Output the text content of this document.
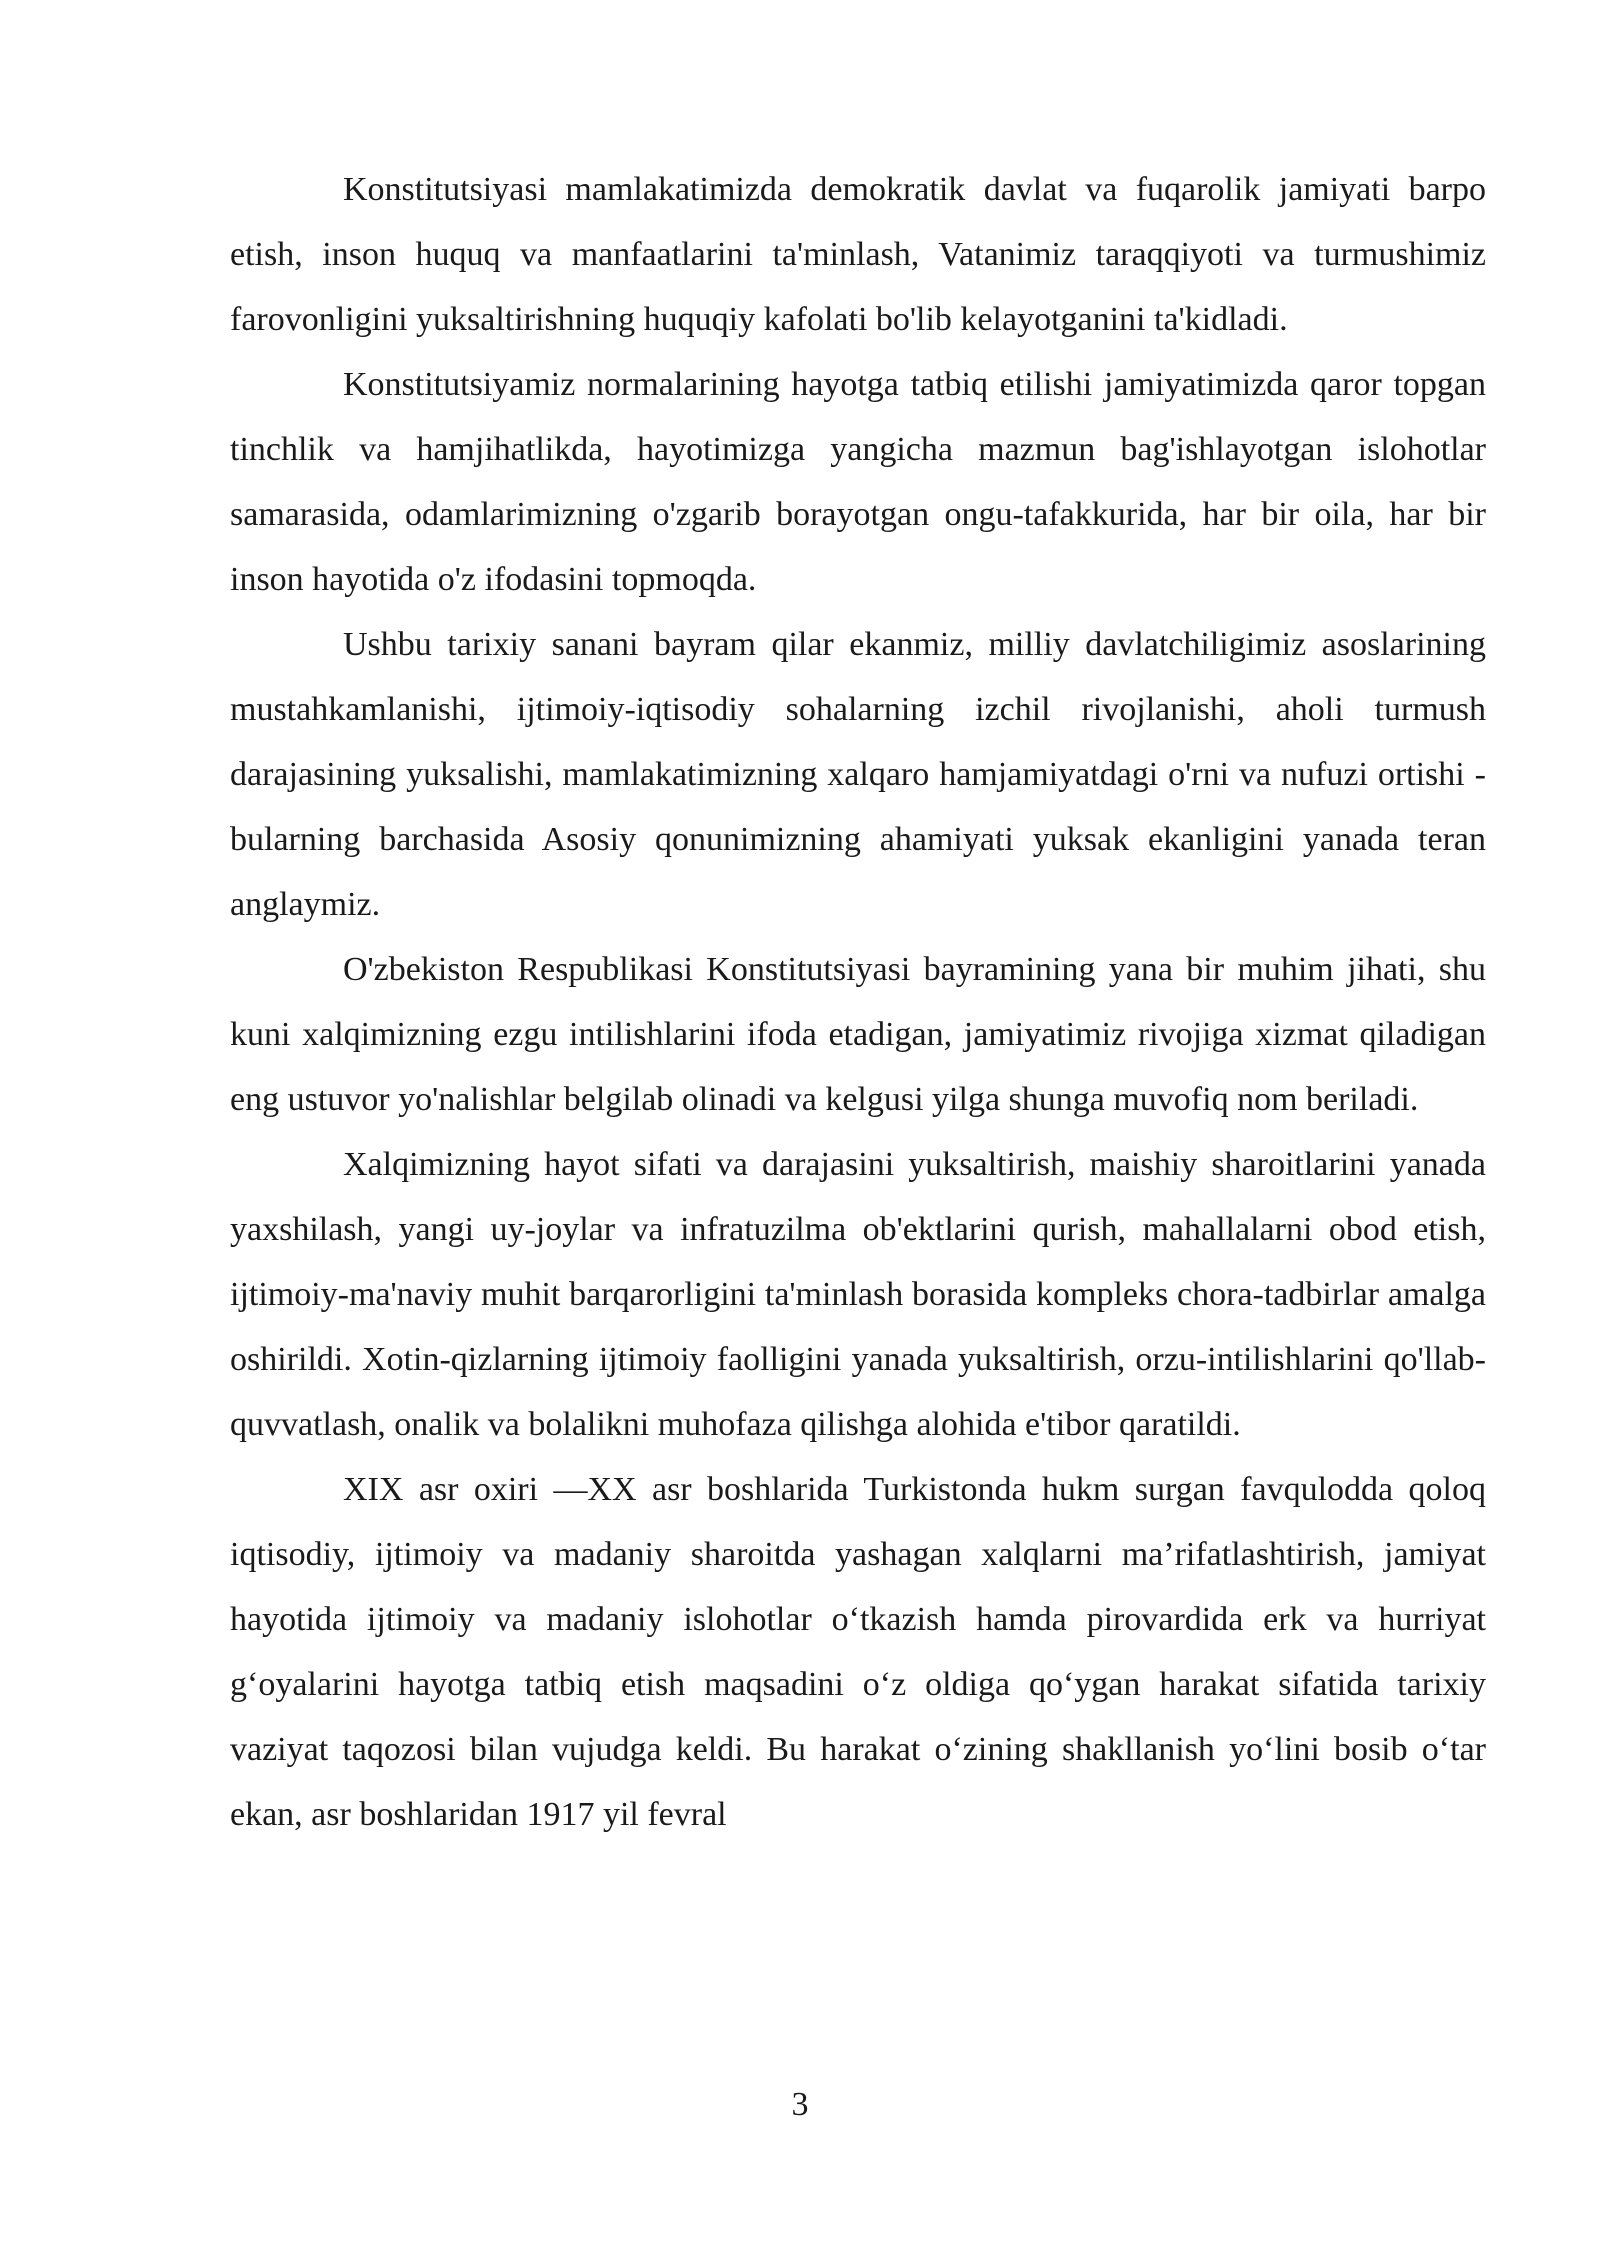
Konstitutsiyasi mamlakatimizda demokratik davlat va fuqarolik jamiyati barpo etish, inson huquq va manfaatlarini ta'minlash, Vatanimiz taraqqiyoti va turmushimiz farovonligini yuksaltirishning huquqiy kafolati bo'lib kelayotganini ta'kidladi.

Konstitutsiyamiz normalarining hayotga tatbiq etilishi jamiyatimizda qaror topgan tinchlik va hamjihatlikda, hayotimizga yangicha mazmun bag'ishlayotgan islohotlar samarasida, odamlarimizning o'zgarib borayotgan ongu-tafakkurida, har bir oila, har bir inson hayotida o'z ifodasini topmoqda.

Ushbu tarixiy sanani bayram qilar ekanmiz, milliy davlatchiligimiz asoslarining mustahkamlanishi, ijtimoiy-iqtisodiy sohalarning izchil rivojlanishi, aholi turmush darajasining yuksalishi, mamlakatimizning xalqaro hamjamiyatdagi o'rni va nufuzi ortishi - bularning barchasida Asosiy qonunimizning ahamiyati yuksak ekanligini yanada teran anglaymiz.

O'zbekiston Respublikasi Konstitutsiyasi bayramining yana bir muhim jihati, shu kuni xalqimizning ezgu intilishlarini ifoda etadigan, jamiyatimiz rivojiga xizmat qiladigan eng ustuvor yo'nalishlar belgilab olinadi va kelgusi yilga shunga muvofiq nom beriladi.

Xalqimizning hayot sifati va darajasini yuksaltirish, maishiy sharoitlarini yanada yaxshilash, yangi uy-joylar va infratuzilma ob'ektlarini qurish, mahallalarni obod etish, ijtimoiy-ma'naviy muhit barqarorligini ta'minlash borasida kompleks chora-tadbirlar amalga oshirildi. Xotin-qizlarning ijtimoiy faolligini yanada yuksaltirish, orzu-intilishlarini qo'llab-quvvatlash, onalik va bolalikni muhofaza qilishga alohida e'tibor qaratildi.

XIX asr oxiri —XX asr boshlarida Turkistonda hukm surgan favqulodda qoloq iqtisodiy, ijtimoiy va madaniy sharoitda yashagan xalqlarni ma’rifatlashtirish, jamiyat hayotida ijtimoiy va madaniy islohotlar o‘tkazish hamda pirovardida erk va hurriyat g‘oyalarini hayotga tatbiq etish maqsadini o‘z oldiga qo‘ygan harakat sifatida tarixiy vaziyat taqozosi bilan vujudga keldi. Bu harakat o‘zining shakllanish yo‘lini bosib o‘tar ekan, asr boshlaridan 1917 yil fevral

3
